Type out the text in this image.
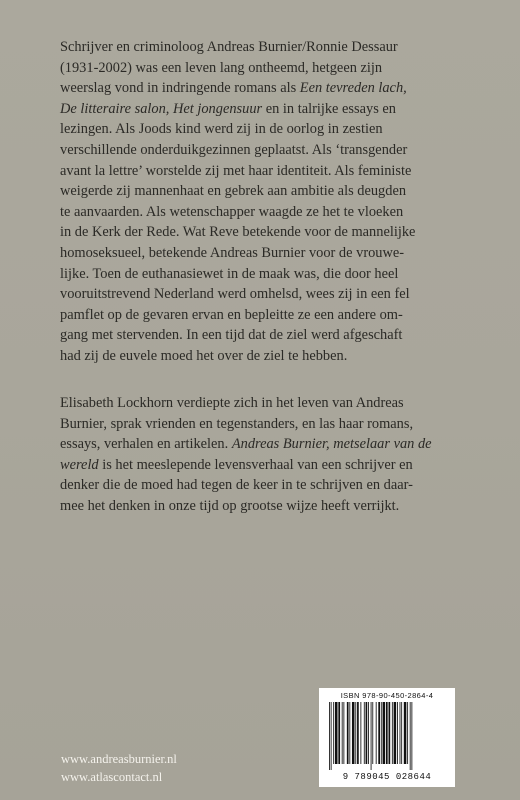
Schrijver en criminoloog Andreas Burnier/Ronnie Dessaur
(1931-2002) was een leven lang ontheemd, hetgeen zijn
weerslag vond in indringende romans als Een tevreden lach,
De litteraire salon, Het jongensuur en in talrijke essays en
lezingen. Als Joods kind werd zij in de oorlog in zestien
verschillende onderduikgezinnen geplaatst. Als ‘transgender
avant la lettre’ worstelde zij met haar identiteit. Als feministe
weigerde zij mannenhaat en gebrek aan ambitie als deugden
te aanvaarden. Als wetenschapper waagde ze het te vloeken
in de Kerk der Rede. Wat Reve betekende voor de mannelijke
homoseksueel, betekende Andreas Burnier voor de vrouwe-
lijke. Toen de euthanasiewet in de maak was, die door heel
vooruitstrevend Nederland werd omhelsd, wees zij in een fel
pamflet op de gevaren ervan en bepleitte ze een andere om-
gang met stervenden. In een tijd dat de ziel werd afgeschaft
had zij de euvele moed het over de ziel te hebben.

Elisabeth Lockhorn verdiepte zich in het leven van Andreas
Burnier, sprak vrienden en tegenstanders, en las haar romans,
essays, verhalen en artikelen. Andreas Burnier, metselaar van de
wereld is het meeslepende levensverhaal van een schrijver en
denker die de moed had tegen de keer in te schrijven en daar-
mee het denken in onze tijd op grootse wijze heeft verrijkt.

www.andreasburnier.nl
www.atlascontact.nl
ISBN 978-90-450-2864-4
9 789045 028644
